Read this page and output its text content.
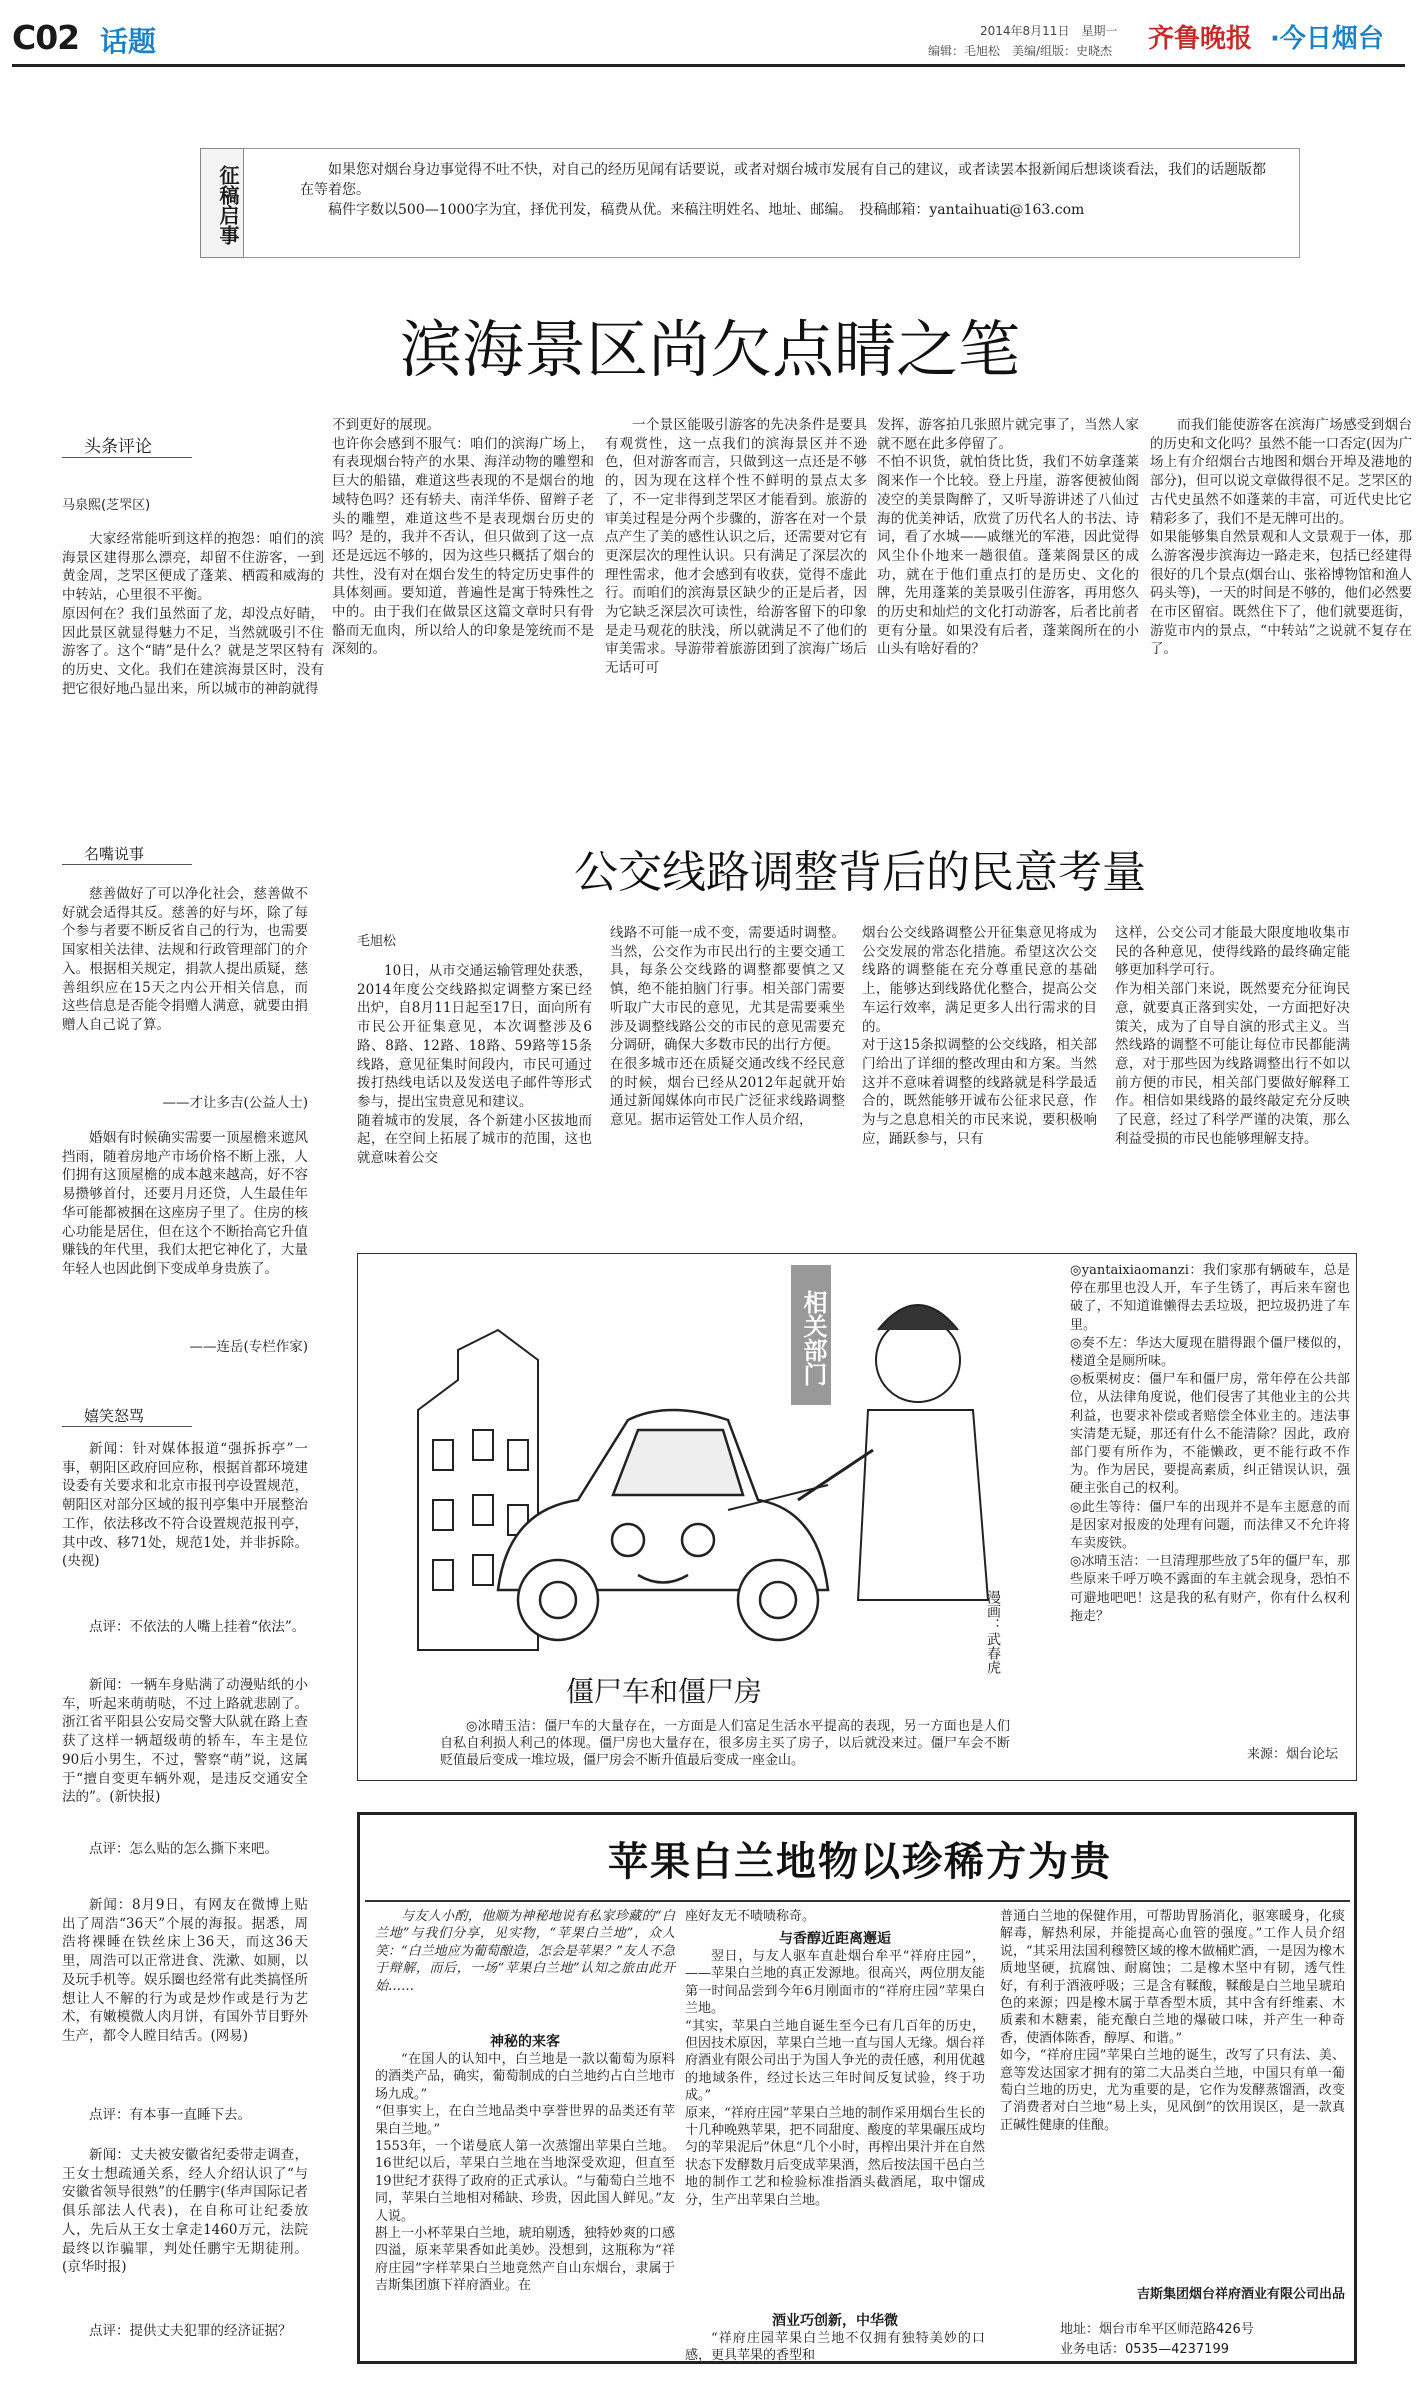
C02 话题	2014年8月11日　星期一
编辑：毛旭松　美编/组版：史晓杰 齐鲁晚报 ·今日烟台
征稿启事	如果您对烟台身边事觉得不吐不快，对自己的经历见闻有话要说，或者对烟台城市发展有自己的建议，或者读罢本报新闻后想谈谈看法，我们的话题版都在等着您。

稿件字数以500—1000字为宜，择优刊发，稿费从优。来稿注明姓名、地址、邮编。　投稿邮箱：yantaihuati@163.com

滨海景区尚欠点睛之笔
头条评论
马泉熙(芝罘区)

大家经常能听到这样的抱怨：咱们的滨海景区建得那么漂亮，却留不住游客，一到黄金周，芝罘区便成了蓬莱、栖霞和威海的中转站，心里很不平衡。
原因何在？我们虽然面了龙，却没点好睛，因此景区就显得魅力不足，当然就吸引不住游客了。这个“睛”是什么？就是芝罘区特有的历史、文化。我们在建滨海景区时，没有把它很好地凸显出来，所以城市的神韵就得

不到更好的展现。
也许你会感到不服气：咱们的滨海广场上，有表现烟台特产的水果、海洋动物的雕塑和巨大的船锚，难道这些表现的不是烟台的地域特色吗？还有轿夫、南洋华侨、留辫子老头的雕塑，难道这些不是表现烟台历史的吗？是的，我并不否认，但只做到了这一点还是远远不够的，因为这些只概括了烟台的共性，没有对在烟台发生的特定历史事件的具体刻画。要知道，普遍性是寓于特殊性之中的。由于我们在做景区这篇文章时只有骨骼而无血肉，所以给人的印象是笼统而不是深刻的。

一个景区能吸引游客的先决条件是要具有观赏性，这一点我们的滨海景区并不逊色，但对游客而言，只做到这一点还是不够的，因为现在这样个性不鲜明的景点太多了，不一定非得到芝罘区才能看到。旅游的审美过程是分两个步骤的，游客在对一个景点产生了美的感性认识之后，还需要对它有更深层次的理性认识。只有满足了深层次的理性需求，他才会感到有收获，觉得不虚此行。而咱们的滨海景区缺少的正是后者，因为它缺乏深层次可读性，给游客留下的印象是走马观花的肤浅，所以就满足不了他们的审美需求。导游带着旅游团到了滨海广场后无话可可

发挥，游客拍几张照片就完事了，当然人家就不愿在此多停留了。
不怕不识货，就怕货比货，我们不妨拿蓬莱阁来作一个比较。登上丹崖，游客便被仙阁凌空的美景陶醉了，又听导游讲述了八仙过海的优美神话，欣赏了历代名人的书法、诗词，看了水城——戚继光的军港，因此觉得风尘仆仆地来一趟很值。蓬莱阁景区的成功，就在于他们重点打的是历史、文化的牌，先用蓬莱的美景吸引住游客，再用悠久的历史和灿烂的文化打动游客，后者比前者更有分量。如果没有后者，蓬莱阁所在的小山头有啥好看的？

而我们能使游客在滨海广场感受到烟台的历史和文化吗？虽然不能一口否定(因为广场上有介绍烟台古地图和烟台开埠及港地的部分)，但可以说文章做得很不足。芝罘区的古代史虽然不如蓬莱的丰富，可近代史比它精彩多了，我们不是无牌可出的。
如果能够集自然景观和人文景观于一体，那么游客漫步滨海边一路走来，包括已经建得很好的几个景点(烟台山、张裕博物馆和渔人码头等)，一天的时间是不够的，他们必然要在市区留宿。既然住下了，他们就要逛街，游览市内的景点，“中转站”之说就不复存在了。

名嘴说事

慈善做好了可以净化社会，慈善做不好就会适得其反。慈善的好与坏，除了每个参与者要不断反省自己的行为，也需要国家相关法律、法规和行政管理部门的介入。根据相关规定，捐款人提出质疑，慈善组织应在15天之内公开相关信息，而这些信息是否能令捐赠人满意，就要由捐赠人自己说了算。

——才让多吉(公益人士)

婚姻有时候确实需要一顶屋檐来遮风挡雨，随着房地产市场价格不断上涨，人们拥有这顶屋檐的成本越来越高，好不容易攒够首付，还要月月还贷，人生最佳年华可能都被捆在这座房子里了。住房的核心功能是居住，但在这个不断抬高它升值赚钱的年代里，我们太把它神化了，大量年轻人也因此倒下变成单身贵族了。

——连岳(专栏作家)
嬉笑怒骂

新闻：针对媒体报道“强拆拆亭”一事，朝阳区政府回应称，根据首都环境建设委有关要求和北京市报刊亭设置规范，朝阳区对部分区域的报刊亭集中开展整治工作，依法移改不符合设置规范报刊亭，其中改、移71处，规范1处，并非拆除。(央视)

点评：不依法的人嘴上挂着“依法”。

新闻：一辆车身贴满了动漫贴纸的小车，听起来萌萌哒，不过上路就悲剧了。浙江省平阳县公安局交警大队就在路上查获了这样一辆超级萌的轿车，车主是位90后小男生，不过，警察“萌”说，这属于“擅自变更车辆外观，是违反交通安全法的”。(新快报)

点评：怎么贴的怎么撕下来吧。

新闻：8月9日，有网友在微博上贴出了周浩“36天”个展的海报。据悉，周浩将裸睡在铁丝床上36天，而这36天里，周浩可以正常进食、洗漱、如厕，以及玩手机等。娱乐圈也经常有此类搞怪所想让人不解的行为或是炒作或是行为艺术，有嫩模微人肉月饼，有国外节目野外生产，都令人瞠目结舌。(网易)

点评：有本事一直睡下去。

新闻：丈夫被安徽省纪委带走调查，王女士想疏通关系，经人介绍认识了“与安徽省领导很熟”的任鹏宇(华声国际记者俱乐部法人代表)，在自称可让纪委放人，先后从王女士拿走1460万元，法院最终以诈骗罪，判处任鹏宇无期徒刑。(京华时报)

点评：提供丈夫犯罪的经济证据？

公交线路调整背后的民意考量
毛旭松

10日，从市交通运输管理处获悉，2014年度公交线路拟定调整方案已经出炉，自8月11日起至17日，面向所有市民公开征集意见，本次调整涉及6路、8路、12路、18路、59路等15条线路，意见征集时间段内，市民可通过拨打热线电话以及发送电子邮件等形式参与，提出宝贵意见和建议。
随着城市的发展，各个新建小区拔地而起，在空间上拓展了城市的范围，这也就意味着公交

线路不可能一成不变，需要适时调整。当然，公交作为市民出行的主要交通工具，每条公交线路的调整都要慎之又慎，绝不能拍脑门行事。相关部门需要听取广大市民的意见，尤其是需要乘坐涉及调整线路公交的市民的意见需要充分调研，确保大多数市民的出行方便。
在很多城市还在质疑交通改线不经民意的时候，烟台已经从2012年起就开始通过新闻媒体向市民广泛征求线路调整意见。据市运管处工作人员介绍，

烟台公交线路调整公开征集意见将成为公交发展的常态化措施。希望这次公交线路的调整能在充分尊重民意的基础上，能够达到线路优化整合，提高公交车运行效率，满足更多人出行需求的目的。
对于这15条拟调整的公交线路，相关部门给出了详细的整改理由和方案。当然这并不意味着调整的线路就是科学最适合的，既然能够开诚布公征求民意，作为与之息息相关的市民来说，要积极响应，踊跃参与，只有

这样，公交公司才能最大限度地收集市民的各种意见，使得线路的最终确定能够更加科学可行。
作为相关部门来说，既然要充分征询民意，就要真正落到实处，一方面把好决策关，成为了自导自演的形式主义。当然线路的调整不可能让每位市民都能满意，对于那些因为线路调整出行不如以前方便的市民，相关部门要做好解释工作。相信如果线路的最终敲定充分反映了民意，经过了科学严谨的决策，那么利益受损的市民也能够理解支持。

相关部门
漫画：武春虎
僵尸车和僵尸房

◎冰晴玉洁：僵尸车的大量存在，一方面是人们富足生活水平提高的表现，另一方面也是人们自私自利损人利己的体现。僵尸房也大量存在，很多房主买了房子，以后就没来过。僵尸车会不断贬值最后变成一堆垃圾，僵尸房会不断升值最后变成一座金山。

◎yantaixiaomanzi：我们家那有辆破车，总是停在那里也没人开，车子生锈了，再后来车窗也破了，不知道谁懒得去丢垃圾，把垃圾扔进了车里。
◎奏不左：华达大厦现在腊得跟个僵尸楼似的，楼道全是厕所味。
◎板栗树皮：僵尸车和僵尸房，常年停在公共部位，从法律角度说，他们侵害了其他业主的公共利益，也要求补偿或者赔偿全体业主的。违法事实清楚无疑，那还有什么不能清除？因此，政府部门要有所作为，不能懒政，更不能行政不作为。作为居民，要提高素质，纠正错误认识，强硬主张自己的权利。
◎此生等待：僵尸车的出现并不是车主愿意的而是因家对报废的处理有问题，而法律又不允许将车卖废铁。
◎冰晴玉洁：一旦清理那些放了5年的僵尸车，那些原来千呼万唤不露面的车主就会现身，恐怕不可避地吧吧！这是我的私有财产，你有什么权利拖走？

来源：烟台论坛
苹果白兰地物以珍稀方为贵

与友人小酌，他顺为神秘地说有私家珍藏的“白兰地”与我们分享，见实物，“苹果白兰地”，众人笑：“白兰地应为葡萄酿造，怎会是苹果？”友人不急于辩解，而后，一场“苹果白兰地”认知之旅由此开始……

神秘的来客

“在国人的认知中，白兰地是一款以葡萄为原料的酒类产品，确实，葡萄制成的白兰地约占白兰地市场九成。”
“但事实上，在白兰地品类中享誉世界的品类还有苹果白兰地。”
1553年，一个诺曼底人第一次蒸馏出苹果白兰地。16世纪以后，苹果白兰地在当地深受欢迎，但直至19世纪才获得了政府的正式承认。“与葡萄白兰地不同，苹果白兰地相对稀缺、珍贵，因此国人鲜见。”友人说。
斟上一小杯苹果白兰地，琥珀剔透，独特妙爽的口感四溢，原来苹果香如此美妙。没想到，这瓶称为“祥府庄园”字样苹果白兰地竟然产自山东烟台，隶属于吉斯集团旗下祥府酒业。在

座好友无不啧啧称奇。
与香醇近距离邂逅

翌日，与友人驱车直赴烟台牟平“祥府庄园”，——苹果白兰地的真正发源地。很高兴，两位朋友能第一时间品尝到今年6月刚面市的“祥府庄园”苹果白兰地。
“其实，苹果白兰地自诞生至今已有几百年的历史，但因技术原因，苹果白兰地一直与国人无缘。烟台祥府酒业有限公司出于为国人争光的责任感，利用优越的地域条件，经过长达三年时间反复试验，终于功成。”
原来，“祥府庄园”苹果白兰地的制作采用烟台生长的十几种晚熟苹果，把不同甜度、酸度的苹果碾压成均匀的苹果泥后”休息“几个小时，再榨出果汁并在自然状态下发酵数月后变成苹果酒，然后按法国干邑白兰地的制作工艺和检验标准指酒头截酒尾，取中馏成分，生产出苹果白兰地。

酒业巧创新，中华微

“祥府庄园苹果白兰地不仅拥有独特美妙的口感，更具苹果的香型和

普通白兰地的保健作用，可帮助胃肠消化，驱寒暖身，化痰解毒，解热利尿，并能提高心血管的强度。”工作人员介绍说，“其采用法国利穆赞区域的橡木做桶贮酒，一是因为橡木质地坚硬，抗腐蚀、耐腐蚀；二是橡木坚中有韧，透气性好，有利于酒液呼吸；三是含有鞣酸，鞣酸是白兰地呈琥珀色的来源；四是橡木属于草香型木质，其中含有纤维素、木质素和木糖素，能充酿白兰地的爆破口味，并产生一种奇香，使酒体陈香，醇厚、和谐。”
如今，“祥府庄园”苹果白兰地的诞生，改写了只有法、美、意等发达国家才拥有的第二大品类白兰地，中国只有单一葡萄白兰地的历史，尤为重要的是，它作为发酵蒸馏酒，改变了消费者对白兰地“易上头，见风倒”的饮用误区，是一款真正碱性健康的佳酿。

吉斯集团烟台祥府酒业有限公司出品
地址：烟台市牟平区师范路426号
业务电话：0535—4237199
